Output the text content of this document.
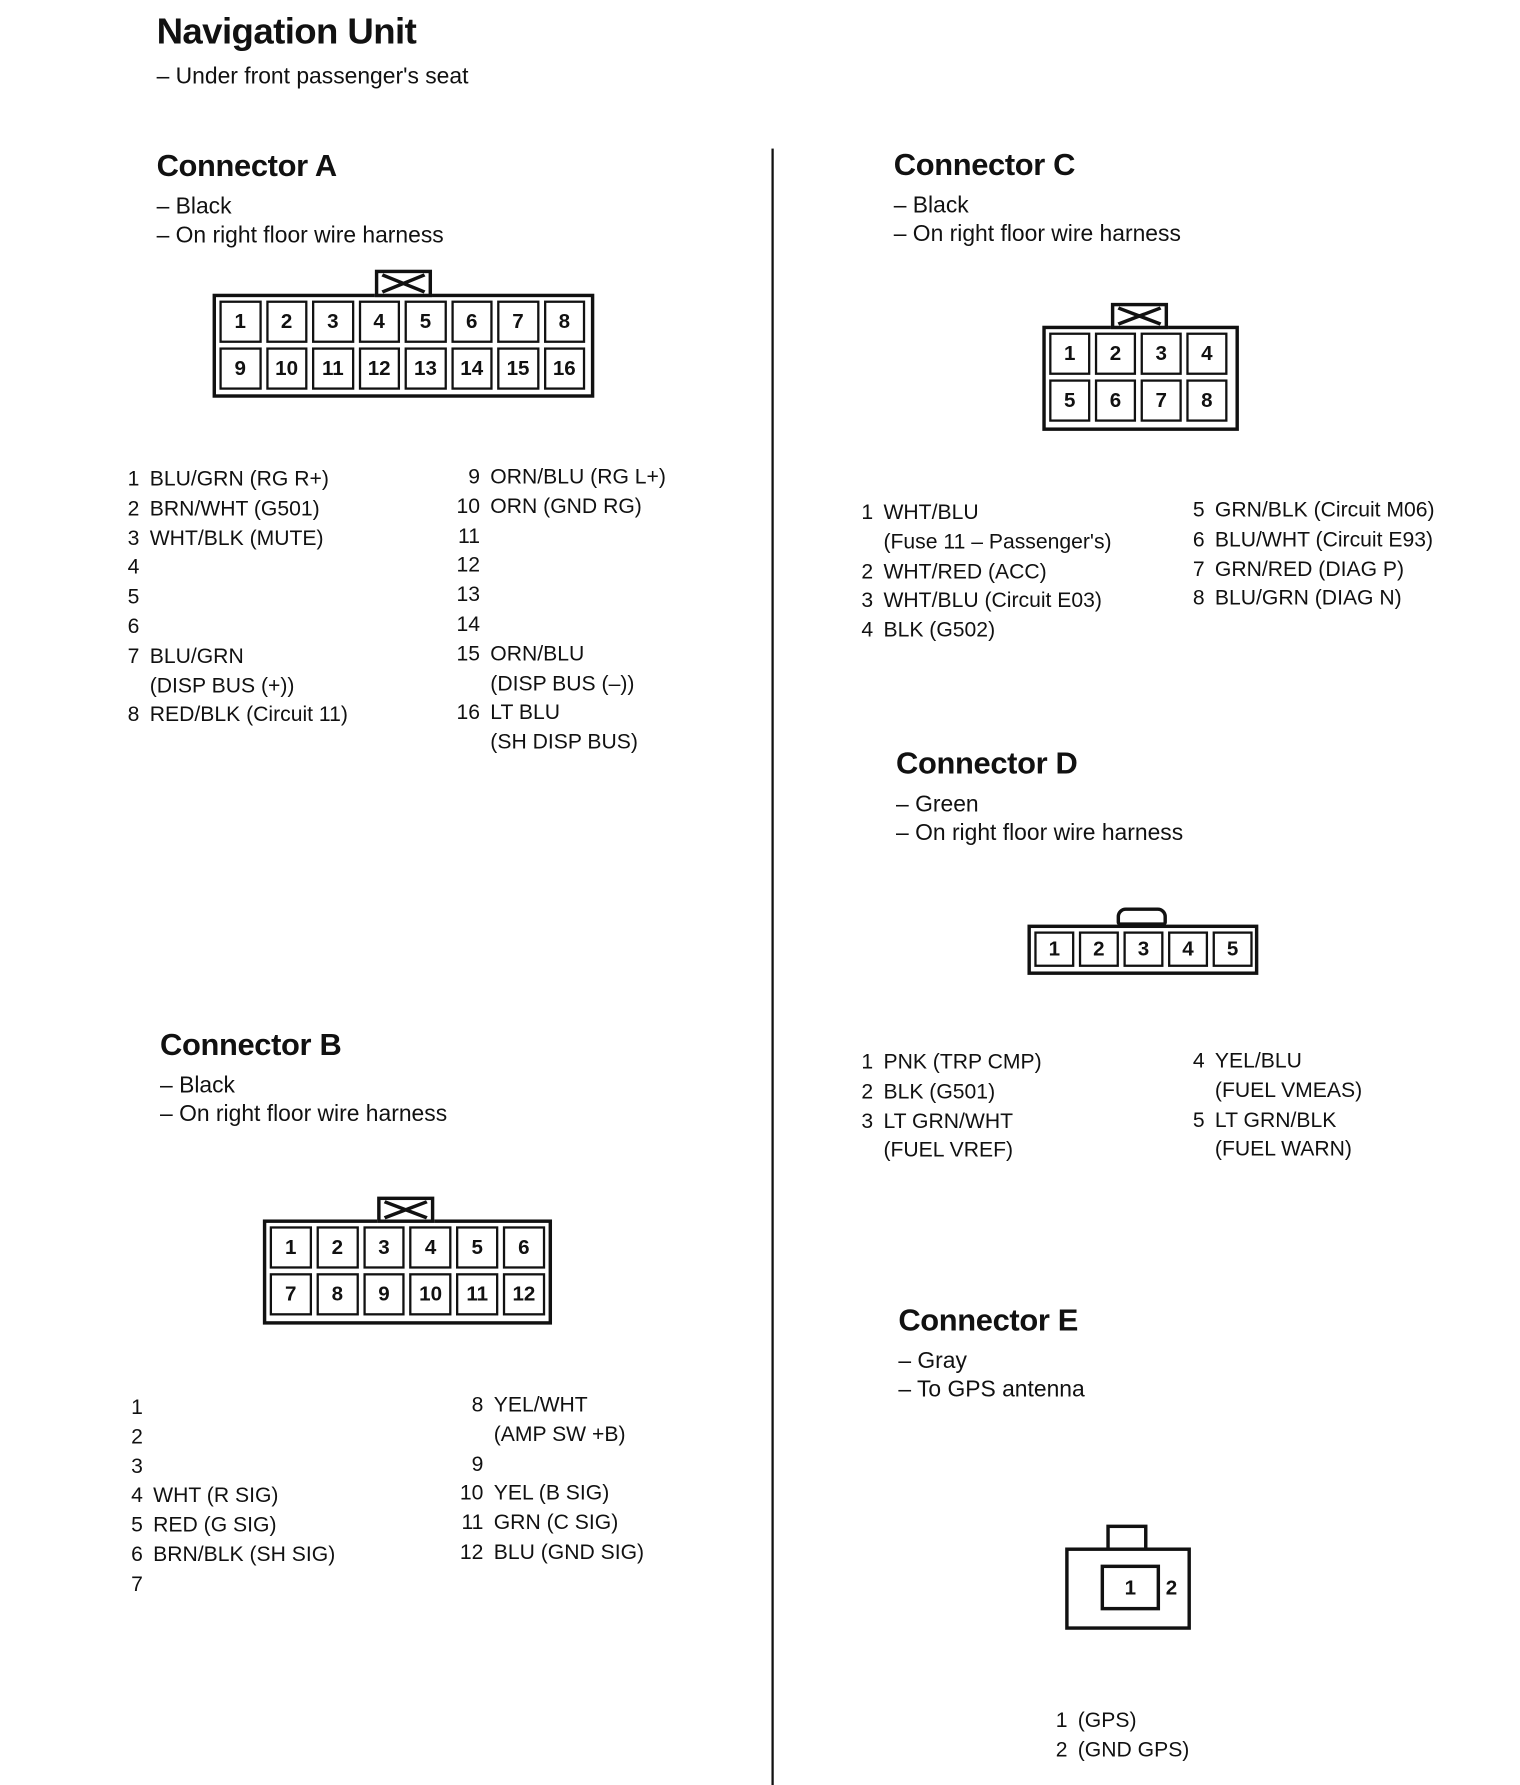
Navigation Unit
– Under front passenger's seat
Connector A
– Black
– On right floor wire harness
1	2	3	4	5	6	7	8
9	10	11	12	13	14	15	16
1 BLU/GRN (RG R+)
2 BRN/WHT (G501)
3 WHT/BLK (MUTE)
4
5
6
7 BLU/GRN
(DISP BUS (+))
8 RED/BLK (Circuit 11)
9 ORN/BLU (RG L+)
10 ORN (GND RG)
11
12
13
14
15 ORN/BLU
(DISP BUS (–))
16 LT BLU
(SH DISP BUS)
Connector C
– Black
– On right floor wire harness
1	2	3	4
5	6	7	8
1 WHT/BLU
(Fuse 11 – Passenger's)
2 WHT/RED (ACC)
3 WHT/BLU (Circuit E03)
4 BLK (G502)
5 GRN/BLK (Circuit M06)
6 BLU/WHT (Circuit E93)
7 GRN/RED (DIAG P)
8 BLU/GRN (DIAG N)
Connector D
– Green
– On right floor wire harness
1	2	3	4	5
1 PNK (TRP CMP)
2 BLK (G501)
3 LT GRN/WHT
(FUEL VREF)
4 YEL/BLU
(FUEL VMEAS)
5 LT GRN/BLK
(FUEL WARN)
Connector B
– Black
– On right floor wire harness
1	2	3	4	5	6
7	8	9	10	11	12
1
2
3
4 WHT (R SIG)
5 RED (G SIG)
6 BRN/BLK (SH SIG)
7
8 YEL/WHT
(AMP SW +B)
9
10 YEL (B SIG)
11 GRN (C SIG)
12 BLU (GND SIG)
Connector E
– Gray
– To GPS antenna
1	2
1 (GPS)
2 (GND GPS)
